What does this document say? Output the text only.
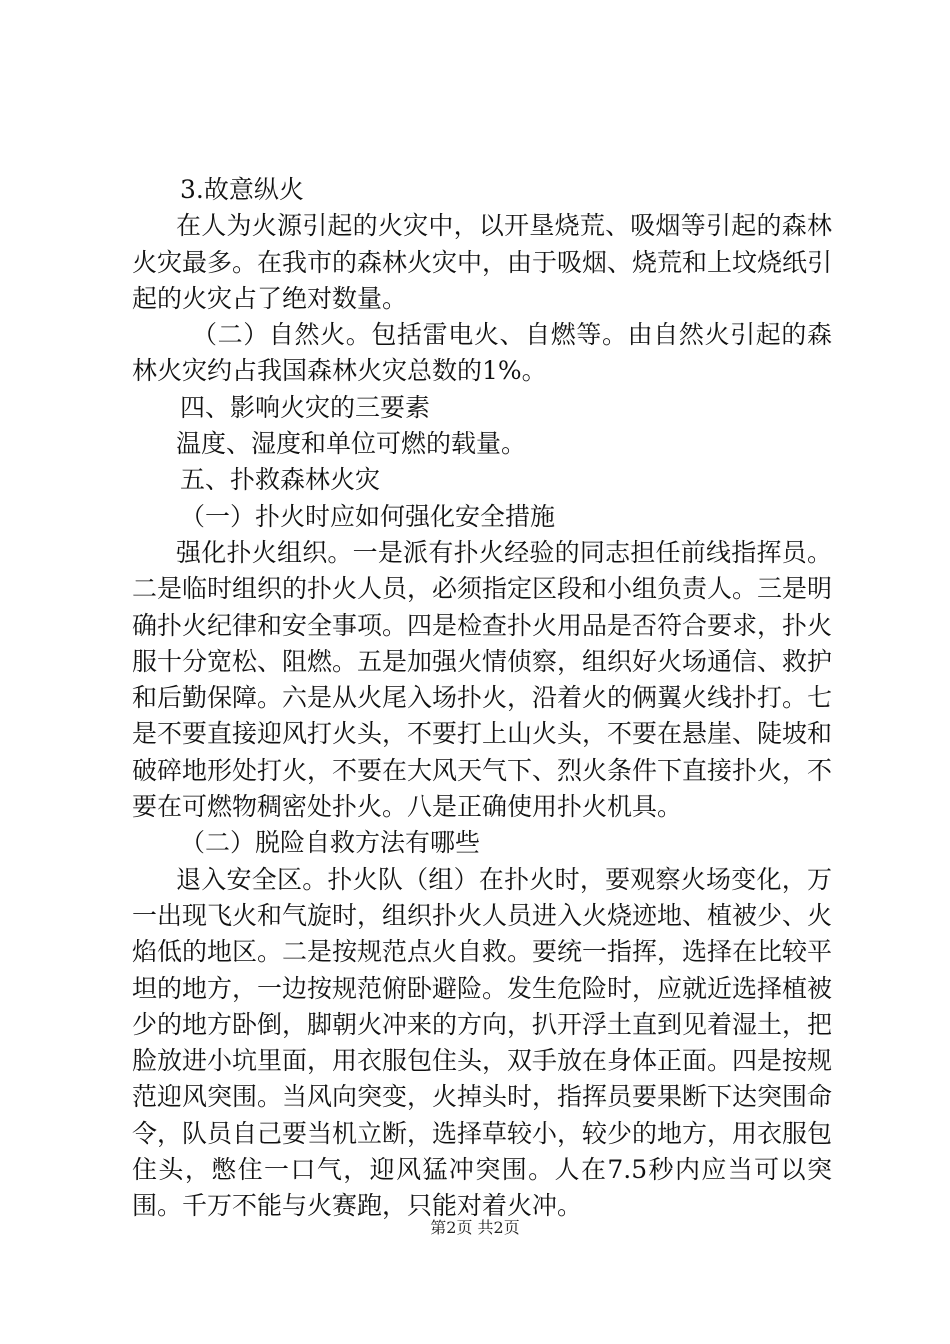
3.故意纵火

在人为火源引起的火灾中，以开垦烧荒、吸烟等引起的森林火灾最多。在我市的森林火灾中，由于吸烟、烧荒和上坟烧纸引起的火灾占了绝对数量。

（二）自然火。包括雷电火、自燃等。由自然火引起的森林火灾约占我国森林火灾总数的1%。

四、影响火灾的三要素

温度、湿度和单位可燃的载量。

五、扑救森林火灾

（一）扑火时应如何强化安全措施

强化扑火组织。一是派有扑火经验的同志担任前线指挥员。二是临时组织的扑火人员，必须指定区段和小组负责人。三是明确扑火纪律和安全事项。四是检查扑火用品是否符合要求，扑火服十分宽松、阻燃。五是加强火情侦察，组织好火场通信、救护和后勤保障。六是从火尾入场扑火，沿着火的俩翼火线扑打。七是不要直接迎风打火头，不要打上山火头，不要在悬崖、陡坡和破碎地形处打火，不要在大风天气下、烈火条件下直接扑火，不要在可燃物稠密处扑火。八是正确使用扑火机具。

（二）脱险自救方法有哪些

退入安全区。扑火队（组）在扑火时，要观察火场变化，万一出现飞火和气旋时，组织扑火人员进入火烧迹地、植被少、火焰低的地区。二是按规范点火自救。要统一指挥，选择在比较平坦的地方，一边按规范俯卧避险。发生危险时，应就近选择植被少的地方卧倒，脚朝火冲来的方向，扒开浮土直到见着湿土，把脸放进小坑里面，用衣服包住头，双手放在身体正面。四是按规范迎风突围。当风向突变，火掉头时，指挥员要果断下达突围命令，队员自己要当机立断，选择草较小，较少的地方，用衣服包住头，憋住一口气，迎风猛冲突围。人在7.5秒内应当可以突围。千万不能与火赛跑，只能对着火冲。

第2页 共2页
